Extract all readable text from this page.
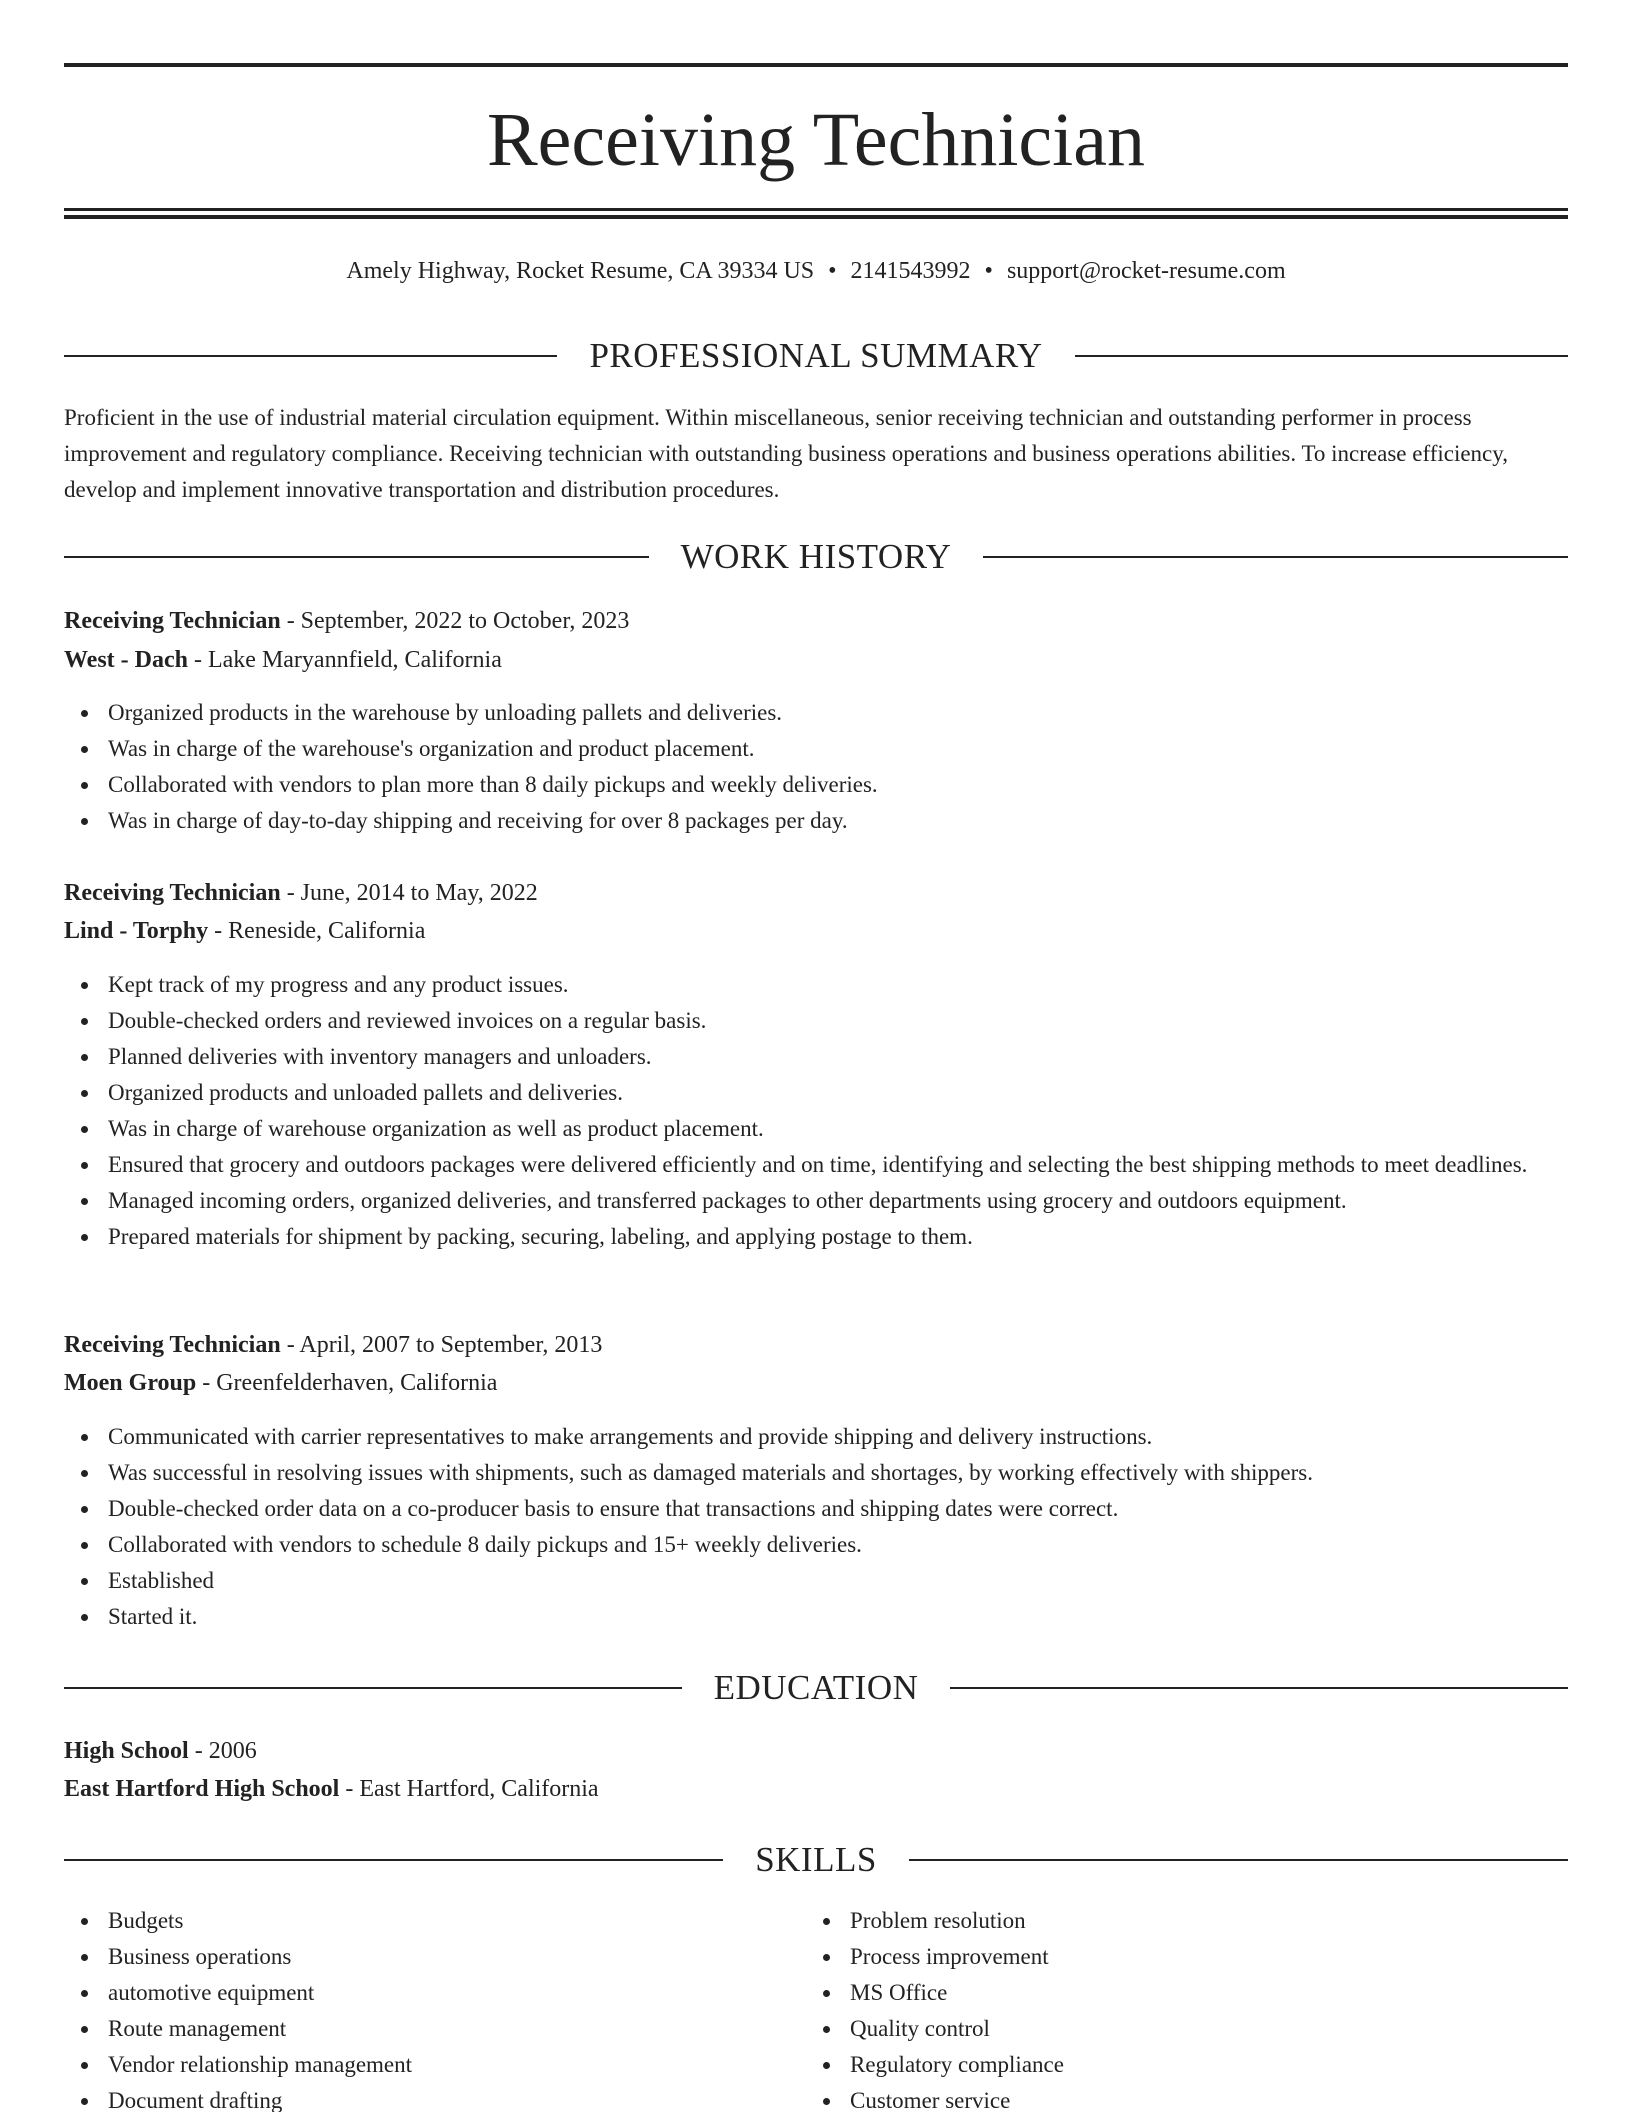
Receiving Technician
Amely Highway, Rocket Resume, CA 39334 US • 2141543992 • support@rocket-resume.com
PROFESSIONAL SUMMARY

Proficient in the use of industrial material circulation equipment. Within miscellaneous, senior receiving technician and outstanding performer in process improvement and regulatory compliance. Receiving technician with outstanding business operations and business operations abilities. To increase efficiency, develop and implement innovative transportation and distribution procedures.

WORK HISTORY
Receiving Technician - September, 2022 to October, 2023
West - Dach - Lake Maryannfield, California
Organized products in the warehouse by unloading pallets and deliveries.
Was in charge of the warehouse's organization and product placement.
Collaborated with vendors to plan more than 8 daily pickups and weekly deliveries.
Was in charge of day-to-day shipping and receiving for over 8 packages per day.
Receiving Technician - June, 2014 to May, 2022
Lind - Torphy - Reneside, California
Kept track of my progress and any product issues.
Double-checked orders and reviewed invoices on a regular basis.
Planned deliveries with inventory managers and unloaders.
Organized products and unloaded pallets and deliveries.
Was in charge of warehouse organization as well as product placement.
Ensured that grocery and outdoors packages were delivered efficiently and on time, identifying and selecting the best shipping methods to meet deadlines.
Managed incoming orders, organized deliveries, and transferred packages to other departments using grocery and outdoors equipment.
Prepared materials for shipment by packing, securing, labeling, and applying postage to them.
Receiving Technician - April, 2007 to September, 2013
Moen Group - Greenfelderhaven, California
Communicated with carrier representatives to make arrangements and provide shipping and delivery instructions.
Was successful in resolving issues with shipments, such as damaged materials and shortages, by working effectively with shippers.
Double-checked order data on a co-producer basis to ensure that transactions and shipping dates were correct.
Collaborated with vendors to schedule 8 daily pickups and 15+ weekly deliveries.
Established
Started it.
EDUCATION
High School - 2006
East Hartford High School - East Hartford, California
SKILLS
Budgets
Business operations
automotive equipment
Route management
Vendor relationship management
Document drafting
Problem resolution
Process improvement
MS Office
Quality control
Regulatory compliance
Customer service
